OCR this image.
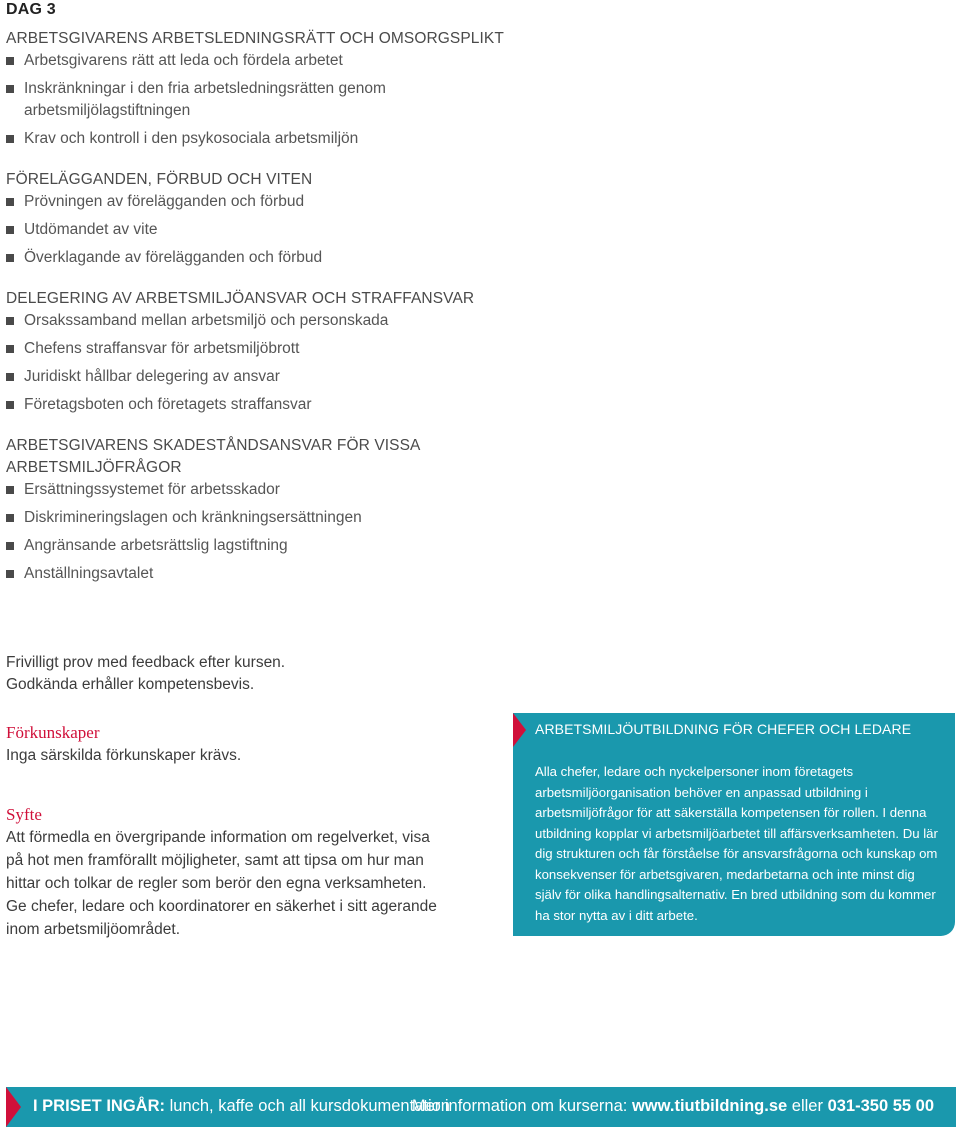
DAG 3
ARBETSGIVARENS ARBETSLEDNINGSRÄTT OCH OMSORGSPLIKT
Arbetsgivarens rätt att leda och fördela arbetet
Inskränkningar i den fria arbetsledningsrätten genom arbetsmiljölagstiftningen
Krav och kontroll i den psykosociala arbetsmiljön
FÖRELÄGGANDEN, FÖRBUD OCH VITEN
Prövningen av förelägganden och förbud
Utdömandet av vite
Överklagande av förelägganden och förbud
DELEGERING AV ARBETSMILJÖANSVAR OCH STRAFFANSVAR
Orsakssamband mellan arbetsmiljö och personskada
Chefens straffansvar för arbetsmiljöbrott
Juridiskt hållbar delegering av ansvar
Företagsboten och företagets straffansvar
ARBETSGIVARENS SKADESTÅNDSANSVAR FÖR VISSA ARBETSMILJÖFRÅGOR
Ersättningssystemet för arbetsskador
Diskrimineringslagen och kränkningsersättningen
Angränsande arbetsrättslig lagstiftning
Anställningsavtalet

Frivilligt prov med feedback efter kursen.

Godkända erhåller kompetensbevis.

Förkunskaper

Inga särskilda förkunskaper krävs.

Syfte

Att förmedla en övergripande information om regelverket, visa på hot men framförallt möjligheter, samt att tipsa om hur man hittar och tolkar de regler som berör den egna verksamheten. Ge chefer, ledare och koordinatorer en säkerhet i sitt agerande inom arbetsmiljöområdet.

ARBETSMILJÖUTBILDNING FÖR CHEFER OCH LEDARE
Alla chefer, ledare och nyckelpersoner inom företagets arbetsmiljöorganisation behöver en anpassad utbildning i arbetsmiljöfrågor för att säkerställa kompetensen för rollen. I denna utbildning kopplar vi arbetsmiljöarbetet till affärsverksamheten. Du lär dig strukturen och får förståelse för ansvarsfrågorna och kunskap om konsekvenser för arbetsgivaren, medarbetarna och inte minst dig själv för olika handlingsalternativ. En bred utbildning som du kommer ha stor nytta av i ditt arbete.
I PRISET INGÅR: lunch, kaffe och all kursdokumentation
Mer information om kurserna: www.tiutbildning.se eller 031-350 55 00
